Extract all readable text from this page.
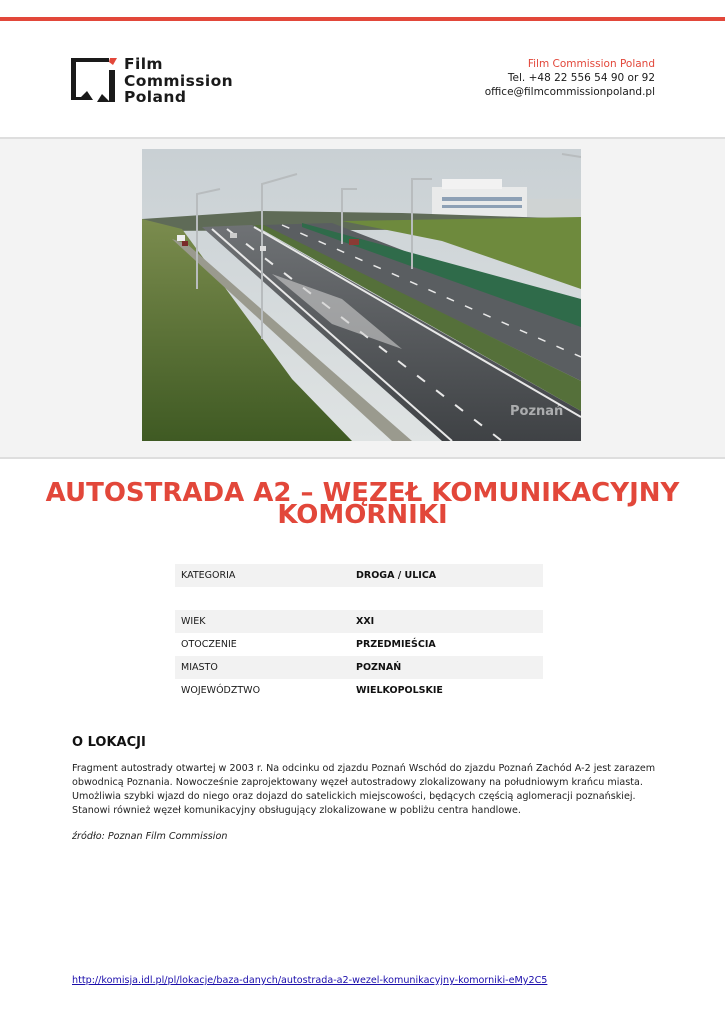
Film
Commission
Poland
Film Commission Poland
Tel. +48 22 556 54 90 or 92
office@filmcommissionpoland.pl
Poznań
AUTOSTRADA A2 – WĘZEŁ KOMUNIKACYJNY KOMORNIKI
KATEGORIA	DROGA / ULICA
WIEK	XXI
OTOCZENIE	PRZEDMIEŚCIA
MIASTO	POZNAŃ
WOJEWÓDZTWO	WIELKOPOLSKIE
O LOKACJI

Fragment autostrady otwartej w 2003 r. Na odcinku od zjazdu Poznań Wschód do zjazdu Poznań Zachód A-2 jest zarazem obwodnicą Poznania. Nowocześnie zaprojektowany węzeł autostradowy zlokalizowany na południowym krańcu miasta. Umożliwia szybki wjazd do niego oraz dojazd do satelickich miejscowości, będących częścią aglomeracji poznańskiej. Stanowi również węzeł komunikacyjny obsługujący zlokalizowane w pobliżu centra handlowe.

źródło: Poznan Film Commission

http://komisja.idl.pl/pl/lokacje/baza-danych/autostrada-a2-wezel-komunikacyjny-komorniki-eMy2C5
